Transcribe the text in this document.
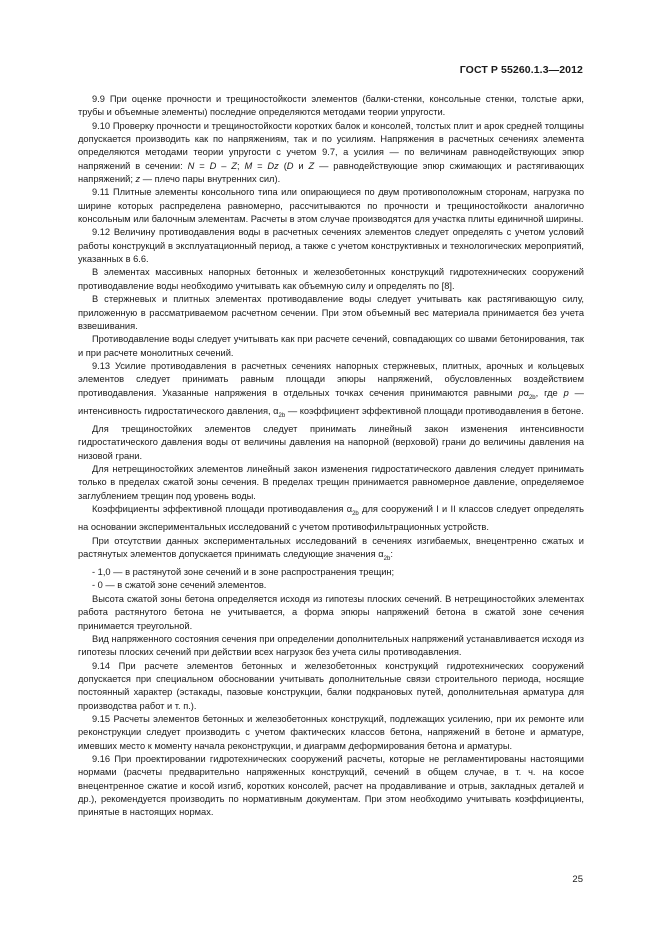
ГОСТ Р 55260.1.3—2012

9.9 При оценке прочности и трещиностойкости элементов (балки-стенки, консольные стенки, толстые арки, трубы и объемные элементы) последние определяются методами теории упругости.

9.10 Проверку прочности и трещиностойкости коротких балок и консолей, толстых плит и арок средней толщины допускается производить как по напряжениям, так и по усилиям. Напряжения в расчетных сечениях элемента определяются методами теории упругости с учетом 9.7, а усилия — по величинам равнодействующих эпюр напряжений в сечении: N = D – Z; M = Dz (D и Z — равнодействующие эпюр сжимающих и растягивающих напряжений; z — плечо пары внутренних сил).

9.11 Плитные элементы консольного типа или опирающиеся по двум противоположным сторонам, нагрузка по ширине которых распределена равномерно, рассчитываются по прочности и трещиностойкости аналогично консольным или балочным элементам. Расчеты в этом случае производятся для участка плиты единичной ширины.

9.12 Величину противодавления воды в расчетных сечениях элементов следует определять с учетом условий работы конструкций в эксплуатационный период, а также с учетом конструктивных и технологических мероприятий, указанных в 6.6.

В элементах массивных напорных бетонных и железобетонных конструкций гидротехнических сооружений противодавление воды необходимо учитывать как объемную силу и определять по [8].

В стержневых и плитных элементах противодавление воды следует учитывать как растягивающую силу, приложенную в рассматриваемом расчетном сечении. При этом объемный вес материала принимается без учета взвешивания.

Противодавление воды следует учитывать как при расчете сечений, совпадающих со швами бетонирования, так и при расчете монолитных сечений.

9.13 Усилие противодавления в расчетных сечениях напорных стержневых, плитных, арочных и кольцевых элементов следует принимать равным площади эпюры напряжений, обусловленных воздействием противодавления. Указанные напряжения в отдельных точках сечения принимаются равными $p\alpha_{2b}$, где p — интенсивность гидростатического давления, $\alpha_{2b}$ — коэффициент эффективной площади противодавления в бетоне.

Для трещиностойких элементов следует принимать линейный закон изменения интенсивности гидростатического давления воды от величины давления на напорной (верховой) грани до величины давления на низовой грани.

Для нетрещиностойких элементов линейный закон изменения гидростатического давления следует принимать только в пределах сжатой зоны сечения. В пределах трещин принимается равномерное давление, определяемое заглублением трещин под уровень воды.

Коэффициенты эффективной площади противодавления $\alpha_{2b}$ для сооружений I и II классов следует определять на основании экспериментальных исследований с учетом противофильтрационных устройств.

При отсутствии данных экспериментальных исследований в сечениях изгибаемых, внецентренно сжатых и растянутых элементов допускается принимать следующие значения $\alpha_{2b}$:

- 1,0 — в растянутой зоне сечений и в зоне распространения трещин;

- 0 — в сжатой зоне сечений элементов.

Высота сжатой зоны бетона определяется исходя из гипотезы плоских сечений. В нетрещиностойких элементах работа растянутого бетона не учитывается, а форма эпюры напряжений бетона в сжатой зоне сечения принимается треугольной.

Вид напряженного состояния сечения при определении дополнительных напряжений устанавливается исходя из гипотезы плоских сечений при действии всех нагрузок без учета силы противодавления.

9.14 При расчете элементов бетонных и железобетонных конструкций гидротехнических сооружений допускается при специальном обосновании учитывать дополнительные связи строительного периода, носящие постоянный характер (эстакады, пазовые конструкции, балки подкрановых путей, дополнительная арматура для производства работ и т. п.).

9.15 Расчеты элементов бетонных и железобетонных конструкций, подлежащих усилению, при их ремонте или реконструкции следует производить с учетом фактических классов бетона, напряжений в бетоне и арматуре, имевших место к моменту начала реконструкции, и диаграмм деформирования бетона и арматуры.

9.16 При проектировании гидротехнических сооружений расчеты, которые не регламентированы настоящими нормами (расчеты предварительно напряженных конструкций, сечений в общем случае, в т. ч. на косое внецентренное сжатие и косой изгиб, коротких консолей, расчет на продавливание и отрыв, закладных деталей и др.), рекомендуется производить по нормативным документам. При этом необходимо учитывать коэффициенты, принятые в настоящих нормах.

25
